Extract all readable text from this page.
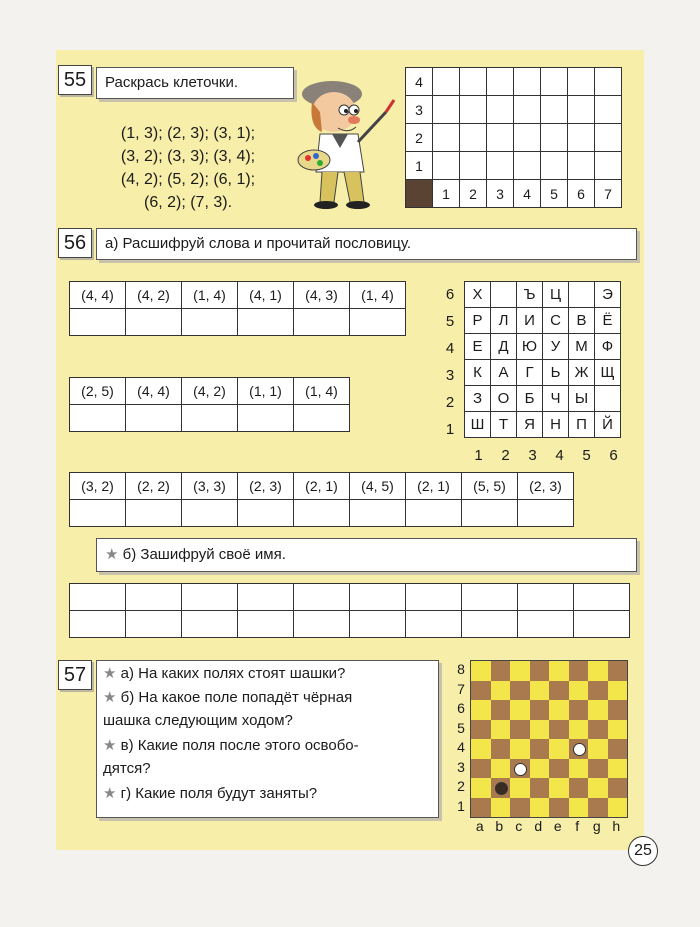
55	Раскрась клеточки.
(1, 3); (2, 3); (3, 1);
(3, 2); (3, 3); (3, 4);
(4, 2); (5, 2); (6, 1);
(6, 2); (7, 3).
4							
3							
2							
1							
	1	2	3	4	5	6	7
56	а) Расшифруй слова и прочитай пословицу.
(4, 4)	(4, 2)	(1, 4)	(4, 1)	(4, 3)	(1, 4)

(2, 5)	(4, 4)	(4, 2)	(1, 1)	(1, 4)

(3, 2)	(2, 2)	(3, 3)	(2, 3)	(2, 1)	(4, 5)	(2, 1)	(5, 5)	(2, 3)

6
5
4
3
2
1
Х		Ъ	Ц		Э
Р	Л	И	С	В	Ё
Е	Д	Ю	У	М	Ф
К	А	Г	Ь	Ж	Щ
З	О	Б	Ч	Ы	
Ш	Т	Я	Н	П	Й
1	2	3	4	5	6
★ б) Зашифруй своё имя.

57	★ а) На каких полях стоят шашки?
★ б) На какое поле попадёт чёрная
шашка следующим ходом?
★ в) Какие поля после этого освобо-
дятся?
★ г) Какие поля будут заняты?
8
7
6
5
4
3
2
1
a b c d e f g h
25
